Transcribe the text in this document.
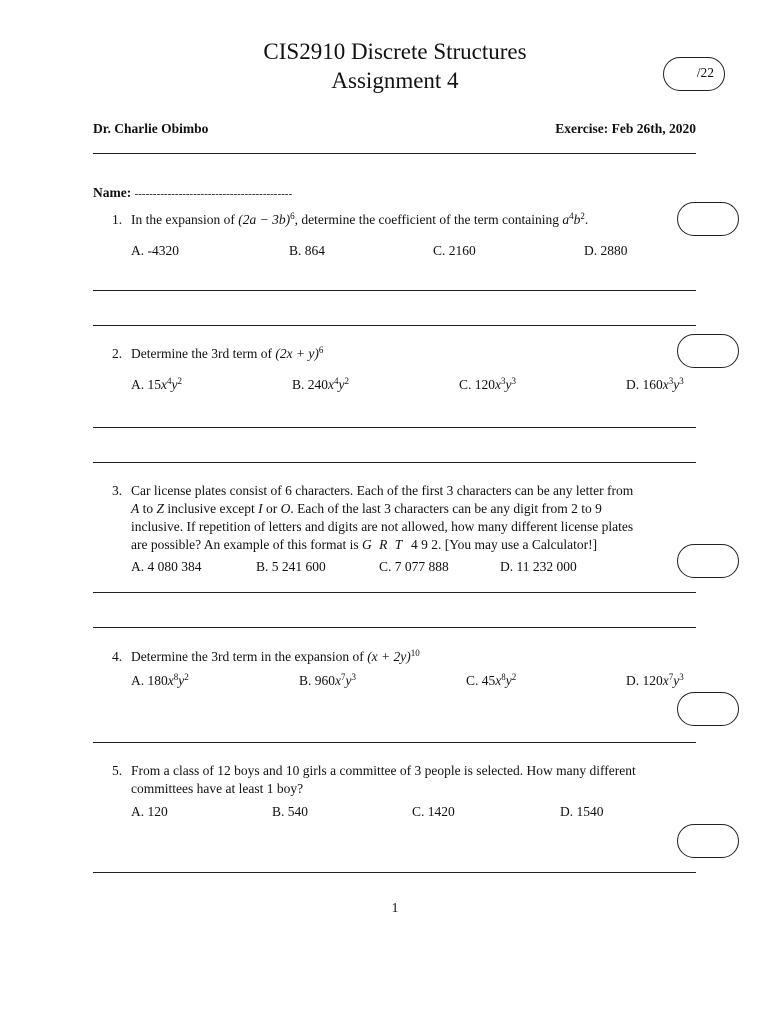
CIS2910 Discrete Structures
Assignment 4	/22
Dr. Charlie Obimbo	Exercise: Feb 26th, 2020
Name: -------------------------------------------
1. In the expansion of $(2a - 3b)^6$, determine the coefficient of the term containing $a^4b^2$.
A. -4320	B. 864	C. 2160	D. 2880
2. Determine the 3rd term of $(2x + y)^6$
A. $15x^4y^2$	B. $240x^4y^2$	C. $120x^3y^3$	D. $160x^3y^3$
3. Car license plates consist of 6 characters. Each of the first 3 characters can be any letter from
A to Z inclusive except I or O. Each of the last 3 characters can be any digit from 2 to 9
inclusive. If repetition of letters and digits are not allowed, how many different license plates
are possible? An example of this format is G R T 4 9 2. [You may use a Calculator!]
A. 4 080 384	B. 5 241 600	C. 7 077 888	D. 11 232 000
4. Determine the 3rd term in the expansion of $(x + 2y)^{10}$
A. $180x^8y^2$	B. $960x^7y^3$	C. $45x^8y^2$	D. $120x^7y^3$
5. From a class of 12 boys and 10 girls a committee of 3 people is selected. How many different
committees have at least 1 boy?
A. 120	B. 540	C. 1420	D. 1540
1
